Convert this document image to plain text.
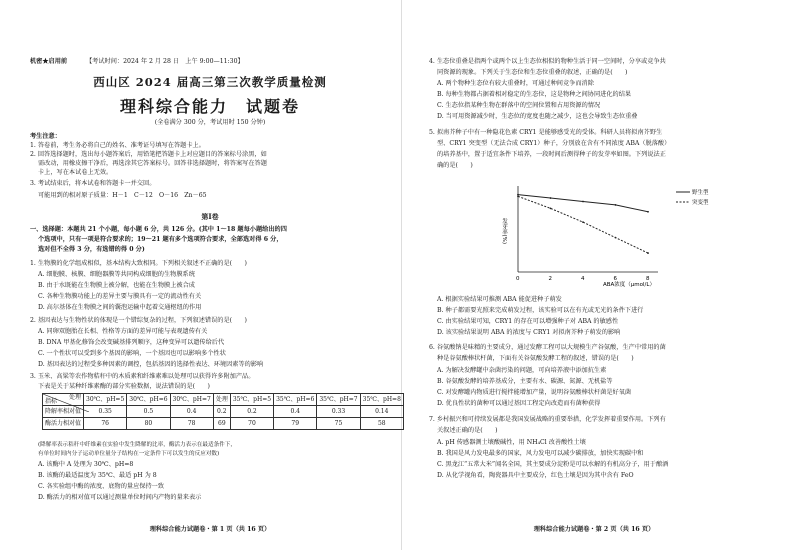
机密★启用前	【考试时间：2024 年 2 月 28 日　上午 9:00—11:30】
西山区 2024 届高三第三次教学质量检测
理科综合能力　试题卷
(全卷满分 300 分，考试用时 150 分钟)
考生注意：
1. 答卷前，考生务必将自己的姓名、准考证号填写在答题卡上。
2. 回答选择题时，选出每小题答案后，用铅笔把答题卡上对应题目的答案标号涂黑，如
需改动，用橡皮擦干净后，再选涂其它答案标号。回答非选择题时，将答案写在答题
卡上，写在本试卷上无效。
3. 考试结束后，将本试卷和答题卡一并交回。
可能用到的相对原子质量：H－1　C－12　O－16　Zn－65
第Ⅰ卷
一、选择题：本题共 21 个小题，每小题 6 分，共 126 分。(其中 1～18 题每小题给出的四
个选项中，只有一项是符合要求的；19～21 题有多个选项符合要求，全部选对得 6 分，
选对但不全得 3 分，有选错的得 0 分)
1. 生物膜的化学组成相似，基本结构大致相同。下列相关叙述不正确的是(　　)
A. 细胞膜、核膜、细胞器膜等共同构成细胞的生物膜系统
B. 由于水既能在生物膜上被分解，也能在生物膜上被合成
C. 各种生物膜功能上的差异主要与膜具有一定的流动性有关
D. 高尔基体在生物膜之间的囊泡运输中起着交通枢纽的作用
2. 基因表达与生物性状的体现是一个错综复杂的过程，下列叙述错误的是(　　)
A. 同卵双胞胎在长相、性格等方面的差异可能与表观遗传有关
B. DNA 甲基化修饰会改变碱基排列顺序，这种变异可以遗传给后代
C. 一个性状可以受到多个基因的影响，一个基因也可以影响多个性状
D. 基因表达的过程受多种因素的调控，包括基因的选择性表达、环境因素等的影响
3. 玉米、高粱等农作物秸秆中的木质素和纤维素难以处理可以获得许多附加产品。
下表是关于某种纤维素酶的部分实验数据，说法错误的是(　　)
处理
指标	30℃、pH=5	30℃、pH=6	30℃、pH=7	处理	35℃、pH=5	35℃、pH=6	35℃、pH=7	35℃、pH=8
降解率相对值	0.35	0.5	0.4	0.2	0.2	0.4	0.33	0.14
酶活力相对值	76	80	78	69	70	79	75	58
(降解率表示秸秆中纤维素在实验中发生降解的比率，酶活力表示在最适条件下，
有单位时间内分子运动单位量分子结构在一定条件下可以发生的反应对数)
A. 该酶中 A 处理为 30℃、pH=8
B. 该酶的最适温度为 35℃、最适 pH 为 8
C. 各实验组中酶的浓度、底物的量应保持一致
D. 酶活力的相对值可以通过测量单位时间内产物的量来表示
理科综合能力试题卷・第 1 页（共 16 页）
4. 生态位重叠是指两个或两个以上生态位相似的物种生活于同一空间时，分享或竞争共
同资源的现象。下列关于生态位和生态位重叠的叙述，正确的是(　　)
A. 两个物种生态位有较大重叠时，可通过种间竞争而消除
B. 每种生物都占据着相对稳定的生态位，这是物种之间协同进化的结果
C. 生态位指某种生物在群落中的空间位置和占用资源的情况
D. 当可用资源减少时，生态位的宽度也随之减少，这也会导致生态位重叠
5. 拟南芥种子中有一种隐花色素 CRY1 是能够感受光的受体。科研人员将拟南芥野生
型、CRY1 突变型（无法合成 CRY1）种子，分别放在含有不同浓度 ABA（脱落酸）
的培养基中，置于适宜条件下培养，一段时间后测得种子的发芽率如图。下列说法正
确的是(　　)
发芽率(%)
ABA浓度（μmol/L）
0	2	4	6	8
野生型
突变型
A. 根据实验结果可推测 ABA 能促进种子萌发
B. 种子都需要光照来完成萌发过程，该实验可以在有光或无光的条件下进行
C. 由实验结果可知，CRY1 的存在可以增强种子对 ABA 的敏感性
D. 该实验结果说明 ABA 的浓度与 CRY1 对拟南芥种子萌发的影响
6. 谷氨酸钠是味精的主要成分，通过发酵工程可以大规模生产谷氨酸，生产中常用的菌
种是谷氨酸棒状杆菌，下面有关谷氨酸发酵工程的叙述，错误的是(　　)
A. 为解决发酵罐中杂菌污染的问题，可向培养液中添加抗生素
B. 谷氨酸发酵的培养基成分，主要有水、碳源、氮源、无机盐等
C. 对发酵罐内物质进行搅拌能增加产量，说明谷氨酸棒状杆菌是好氧菌
D. 优良性状的菌种可以通过基因工程定向改造而有菌种获得
7. 乡村振兴和可持续发展都是我国发展战略的重要举措，化学发挥着重要作用。下列有
关叙述正确的是(　　)
A. pH 传感器测土壤酸碱性，用 NH₄Cl 改善酸性土壤
B. 我国是风力发电最多的国家，风力发电可以减少碳排放，加快实现碳中和
C. 黑龙江“五常大米”闻名全国，其主要成分淀粉是可以水解的有机高分子，用于酿酒
D. 从化学视角看，陶瓷器具中主要成分，红色土壤是因为其中含有 FeO
理科综合能力试题卷・第 2 页（共 16 页）
